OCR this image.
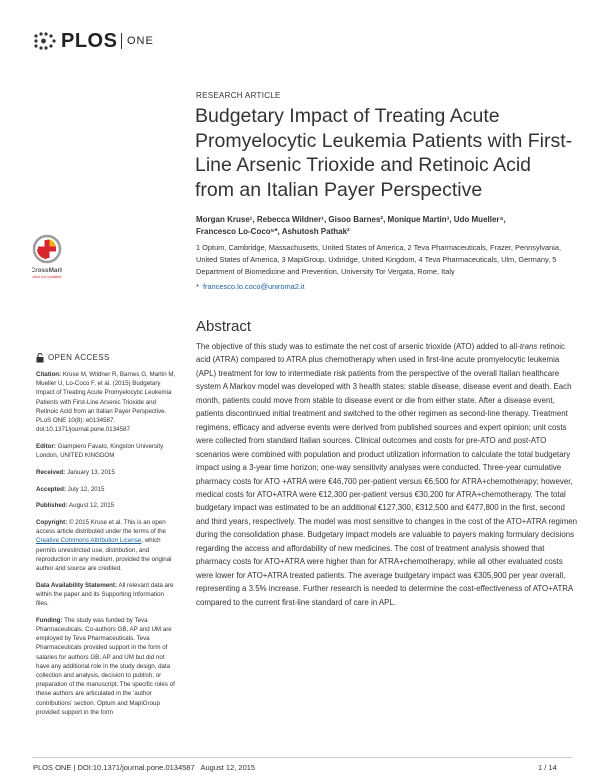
PLOS ONE
RESEARCH ARTICLE
Budgetary Impact of Treating Acute Promyelocytic Leukemia Patients with First-Line Arsenic Trioxide and Retinoic Acid from an Italian Payer Perspective
Morgan Kruse¹, Rebecca Wildner¹, Gisoo Barnes², Monique Martin³, Udo Mueller⁴,
Francesco Lo-Coco⁵*, Ashutosh Pathak²
1 Optum, Cambridge, Massachusetts, United States of America, 2 Teva Pharmaceuticals, Frazer, Pennsylvania, United States of America, 3 MapiGroup, Uxbridge, United Kingdom, 4 Teva Pharmaceuticals, Ulm, Germany, 5 Department of Biomedicine and Prevention, University Tor Vergata, Rome, Italy
* francesco.lo.coco@uniroma2.it
CrossMark
click for updates
OPEN ACCESS

Citation: Kruse M, Wildner R, Barnes G, Martin M, Mueller U, Lo-Coco F, et al. (2015) Budgetary Impact of Treating Acute Promyelocytic Leukemia Patients with First-Line Arsenic Trioxide and Retinoic Acid from an Italian Payer Perspective. PLoS ONE 10(8): e0134587. doi:10.1371/journal.pone.0134587

Editor: Giampiero Favato, Kingston University London, UNITED KINGDOM

Received: January 13, 2015

Accepted: July 12, 2015

Published: August 12, 2015

Copyright: © 2015 Kruse et al. This is an open access article distributed under the terms of the Creative Commons Attribution License, which permits unrestricted use, distribution, and reproduction in any medium, provided the original author and source are credited.

Data Availability Statement: All relevant data are within the paper and its Supporting Information files.

Funding: The study was funded by Teva Pharmaceuticals. Co-authors GB, AP and UM are employed by Teva Pharmaceuticals. Teva Pharmaceuticals provided support in the form of salaries for authors GB, AP and UM but did not have any additional role in the study design, data collection and analysis, decision to publish, or preparation of the manuscript. The specific roles of these authors are articulated in the ‘author contributions’ section. Optum and MapiGroup provided support in the form

Abstract
The objective of this study was to estimate the net cost of arsenic trioxide (ATO) added to all-trans retinoic acid (ATRA) compared to ATRA plus chemotherapy when used in first-line acute promyelocytic leukemia (APL) treatment for low to intermediate risk patients from the perspective of the overall Italian healthcare system A Markov model was developed with 3 health states: stable disease, disease event and death. Each month, patients could move from stable to disease event or die from either state. After a disease event, patients discontinued initial treatment and switched to the other regimen as second-line therapy. Treatment regimens, efficacy and adverse events were derived from published sources and expert opinion; unit costs were collected from standard Italian sources. Clinical outcomes and costs for pre-ATO and post-ATO scenarios were combined with population and product utilization information to calculate the total budgetary impact using a 3-year time horizon; one-way sensitivity analyses were conducted. Three-year cumulative pharmacy costs for ATO +ATRA were €46,700 per-patient versus €6,500 for ATRA+chemotherapy; however, medical costs for ATO+ATRA were €12,300 per-patient versus €30,200 for ATRA+chemotherapy. The total budgetary impact was estimated to be an additional €127,300, €312,500 and €477,800 in the first, second and third years, respectively. The model was most sensitive to changes in the cost of the ATO+ATRA regimen during the consolidation phase. Budgetary impact models are valuable to payers making formulary decisions regarding the access and affordability of new medicines. The cost of treatment analysis showed that pharmacy costs for ATO+ATRA were higher than for ATRA+chemotherapy, while all other evaluated costs were lower for ATO+ATRA treated patients. The average budgetary impact was €305,900 per year overall, representing a 3.5% increase. Further research is needed to determine the cost-effectiveness of ATO+ATRA compared to the current first-line standard of care in APL.
PLOS ONE | DOI:10.1371/journal.pone.0134587   August 12, 2015	1 / 14
